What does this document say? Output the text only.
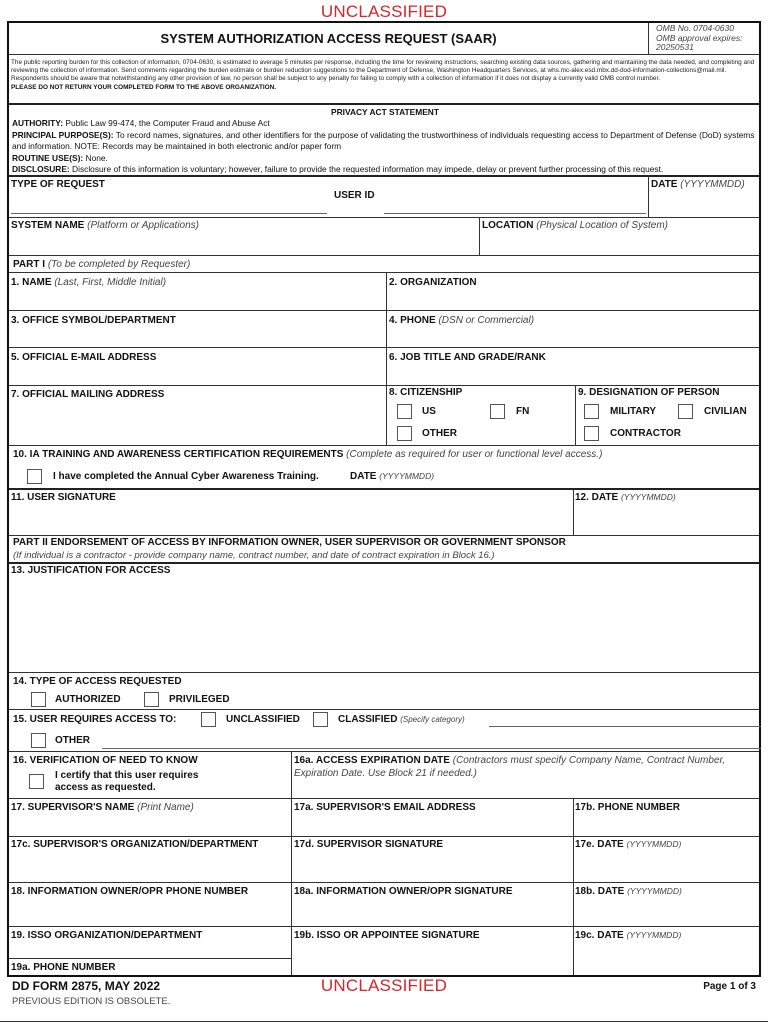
UNCLASSIFIED
SYSTEM AUTHORIZATION ACCESS REQUEST (SAAR)
OMB No. 0704-0630
OMB approval expires:
20250531
The public reporting burden for this collection of information, 0704-0630, is estimated to average 5 minutes per response, including the time for reviewing instructions, searching existing data sources, gathering and maintaining the data needed, and completing and reviewing the collection of information. Send comments regarding the burden estimate or burden reduction suggestions to the Department of Defense, Washington Headquarters Services, at whs.mc-alex.esd.mbx.dd-dod-information-collections@mail.mil. Respondents should be aware that notwithstanding any other provision of law, no person shall be subject to any penalty for failing to comply with a collection of information if it does not display a currently valid OMB control number.
PLEASE DO NOT RETURN YOUR COMPLETED FORM TO THE ABOVE ORGANIZATION.
PRIVACY ACT STATEMENT
AUTHORITY: Public Law 99-474, the Computer Fraud and Abuse Act
PRINCIPAL PURPOSE(S): To record names, signatures, and other identifiers for the purpose of validating the trustworthiness of individuals requesting access to Department of Defense (DoD) systems and information. NOTE: Records may be maintained in both electronic and/or paper form
ROUTINE USE(S): None.
DISCLOSURE: Disclosure of this information is voluntary; however, failure to provide the requested information may impede, delay or prevent further processing of this request.
TYPE OF REQUEST
USER ID
DATE (YYYYMMDD)
SYSTEM NAME (Platform or Applications)	LOCATION (Physical Location of System)
PART I (To be completed by Requester)
1. NAME (Last, First, Middle Initial)	2. ORGANIZATION
3. OFFICE SYMBOL/DEPARTMENT	4. PHONE (DSN or Commercial)
5. OFFICIAL E-MAIL ADDRESS	6. JOB TITLE AND GRADE/RANK
7. OFFICIAL MAILING ADDRESS	8. CITIZENSHIP
US	FN
OTHER
9. DESIGNATION OF PERSON
MILITARY	CIVILIAN
CONTRACTOR
10. IA TRAINING AND AWARENESS CERTIFICATION REQUIREMENTS (Complete as required for user or functional level access.)
I have completed the Annual Cyber Awareness Training.	DATE (YYYYMMDD)
11. USER SIGNATURE	12. DATE (YYYYMMDD)
PART II ENDORSEMENT OF ACCESS BY INFORMATION OWNER, USER SUPERVISOR OR GOVERNMENT SPONSOR
(If individual is a contractor - provide company name, contract number, and date of contract expiration in Block 16.)
13. JUSTIFICATION FOR ACCESS
14. TYPE OF ACCESS REQUESTED
AUTHORIZED	PRIVILEGED
15. USER REQUIRES ACCESS TO:	UNCLASSIFIED	CLASSIFIED (Specify category)
OTHER
16. VERIFICATION OF NEED TO KNOW
I certify that this user requires
access as requested.
16a. ACCESS EXPIRATION DATE (Contractors must specify Company Name, Contract Number,
Expiration Date. Use Block 21 if needed.)
17. SUPERVISOR'S NAME (Print Name)	17a. SUPERVISOR'S EMAIL ADDRESS	17b. PHONE NUMBER
17c. SUPERVISOR'S ORGANIZATION/DEPARTMENT	17d. SUPERVISOR SIGNATURE	17e. DATE (YYYYMMDD)
18. INFORMATION OWNER/OPR PHONE NUMBER	18a. INFORMATION OWNER/OPR SIGNATURE	18b. DATE (YYYYMMDD)
19. ISSO ORGANIZATION/DEPARTMENT
19a. PHONE NUMBER
19b. ISSO OR APPOINTEE SIGNATURE	19c. DATE (YYYYMMDD)
DD FORM 2875, MAY 2022
PREVIOUS EDITION IS OBSOLETE.
UNCLASSIFIED	Page 1 of 3
